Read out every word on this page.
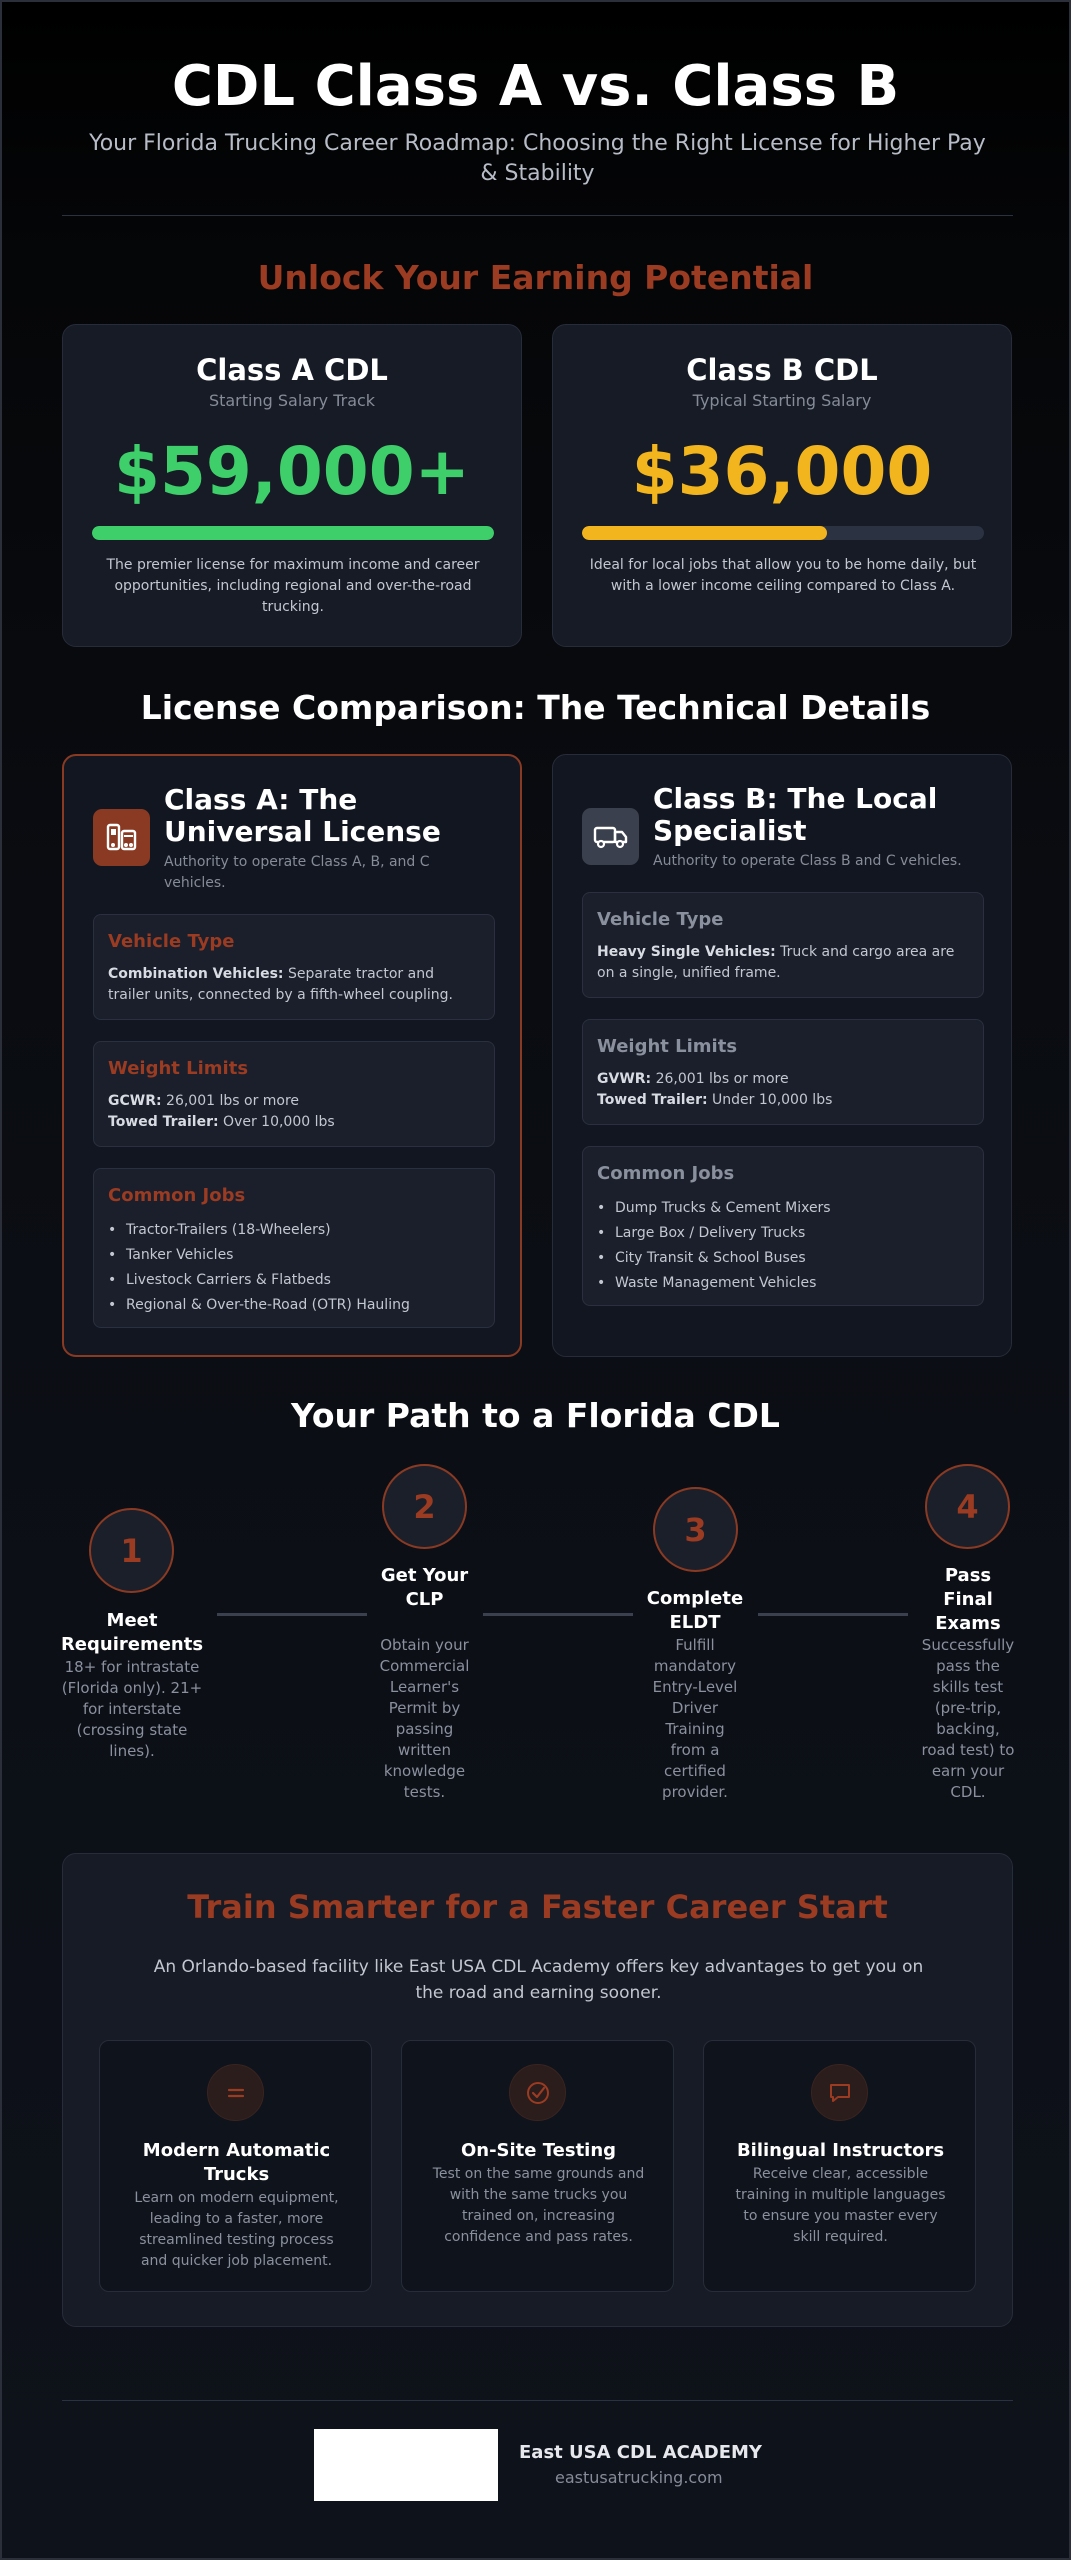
CDL Class A vs. Class B
Your Florida Trucking Career Roadmap: Choosing the Right License for Higher Pay & Stability
Unlock Your Earning Potential
Class A CDL
Starting Salary Track
$59,000+
The premier license for maximum income and career opportunities, including regional and over-the-road trucking.
Class B CDL
Typical Starting Salary
$36,000
Ideal for local jobs that allow you to be home daily, but with a lower income ceiling compared to Class A.
License Comparison: The Technical Details
Class A: The Universal License
Authority to operate Class A, B, and C vehicles.
Vehicle Type
Combination Vehicles: Separate tractor and trailer units, connected by a fifth-wheel coupling.
Weight Limits
GCWR: 26,001 lbs or more
Towed Trailer: Over 10,000 lbs
Common Jobs
• Tractor-Trailers (18-Wheelers)
• Tanker Vehicles
• Livestock Carriers & Flatbeds
• Regional & Over-the-Road (OTR) Hauling
Class B: The Local Specialist
Authority to operate Class B and C vehicles.
Vehicle Type
Heavy Single Vehicles: Truck and cargo area are on a single, unified frame.
Weight Limits
GVWR: 26,001 lbs or more
Towed Trailer: Under 10,000 lbs
Common Jobs
• Dump Trucks & Cement Mixers
• Large Box / Delivery Trucks
• City Transit & School Buses
• Waste Management Vehicles
Your Path to a Florida CDL
1
Meet Requirements
18+ for intrastate (Florida only). 21+ for interstate (crossing state lines).
2
Get Your CLP
Obtain your Commercial Learner's Permit by passing written knowledge tests.
3
Complete ELDT
Fulfill mandatory Entry-Level Driver Training from a certified provider.
4
Pass Final Exams
Successfully pass the skills test (pre-trip, backing, road test) to earn your CDL.
Train Smarter for a Faster Career Start
An Orlando-based facility like East USA CDL Academy offers key advantages to get you on the road and earning sooner.
Modern Automatic Trucks
Learn on modern equipment, leading to a faster, more streamlined testing process and quicker job placement.
On-Site Testing
Test on the same grounds and with the same trucks you trained on, increasing confidence and pass rates.
Bilingual Instructors
Receive clear, accessible training in multiple languages to ensure you master every skill required.
East USA CDL ACADEMY
eastusatrucking.com
